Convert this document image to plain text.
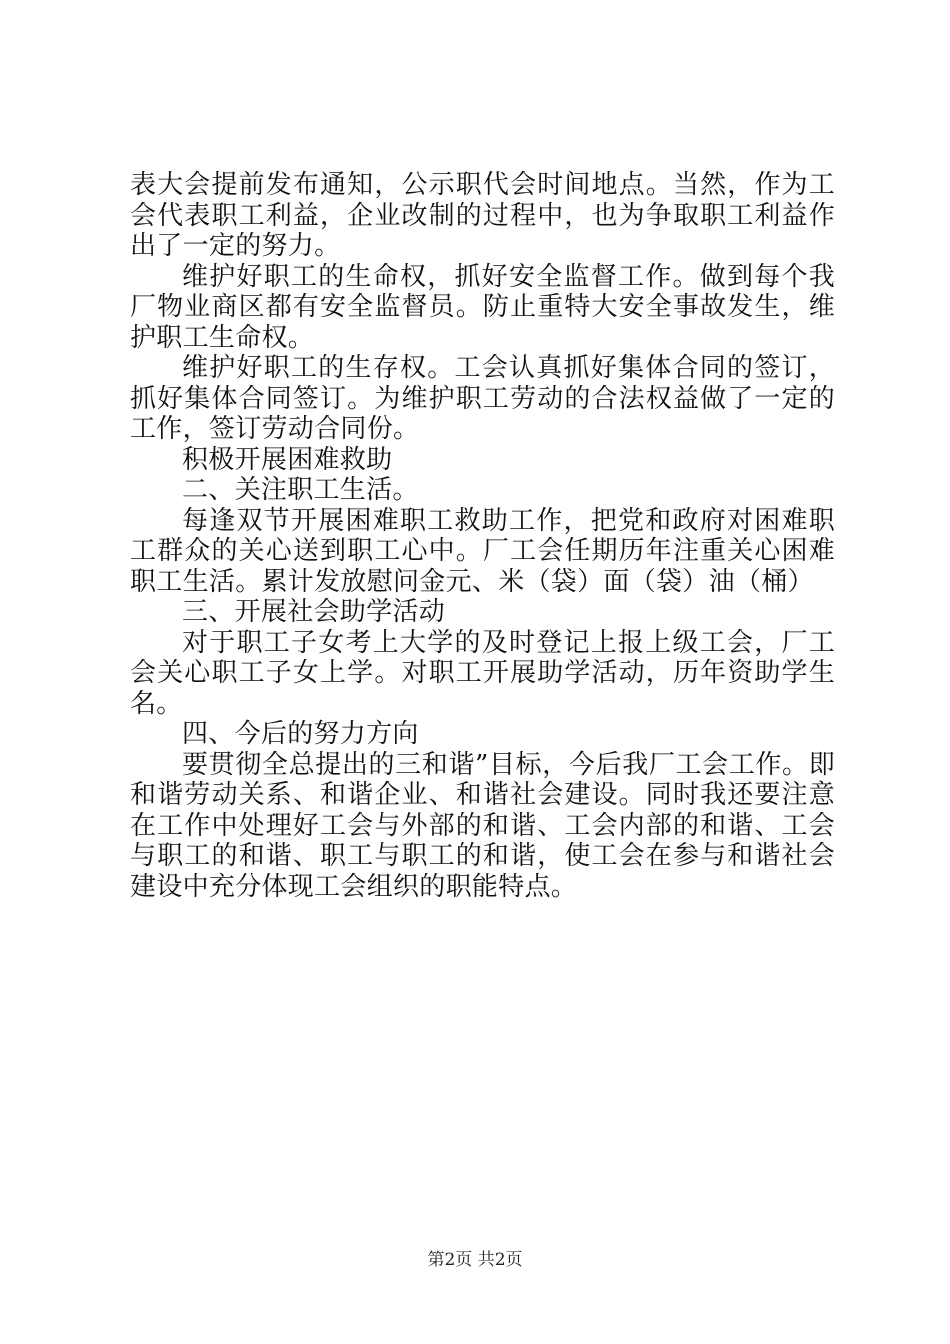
表大会提前发布通知，公示职代会时间地点。当然，作为工会代表职工利益，企业改制的过程中，也为争取职工利益作出了一定的努力。

维护好职工的生命权，抓好安全监督工作。做到每个我厂物业商区都有安全监督员。防止重特大安全事故发生，维护职工生命权。

维护好职工的生存权。工会认真抓好集体合同的签订，抓好集体合同签订。为维护职工劳动的合法权益做了一定的工作，签订劳动合同份。

积极开展困难救助

二、关注职工生活。

每逢双节开展困难职工救助工作，把党和政府对困难职工群众的关心送到职工心中。厂工会任期历年注重关心困难职工生活。累计发放慰问金元、米（袋）面（袋）油（桶）

三、开展社会助学活动

对于职工子女考上大学的及时登记上报上级工会，厂工会关心职工子女上学。对职工开展助学活动，历年资助学生名。

四、今后的努力方向

要贯彻全总提出的三和谐”目标，今后我厂工会工作。即和谐劳动关系、和谐企业、和谐社会建设。同时我还要注意在工作中处理好工会与外部的和谐、工会内部的和谐、工会与职工的和谐、职工与职工的和谐，使工会在参与和谐社会建设中充分体现工会组织的职能特点。

第2页 共2页
